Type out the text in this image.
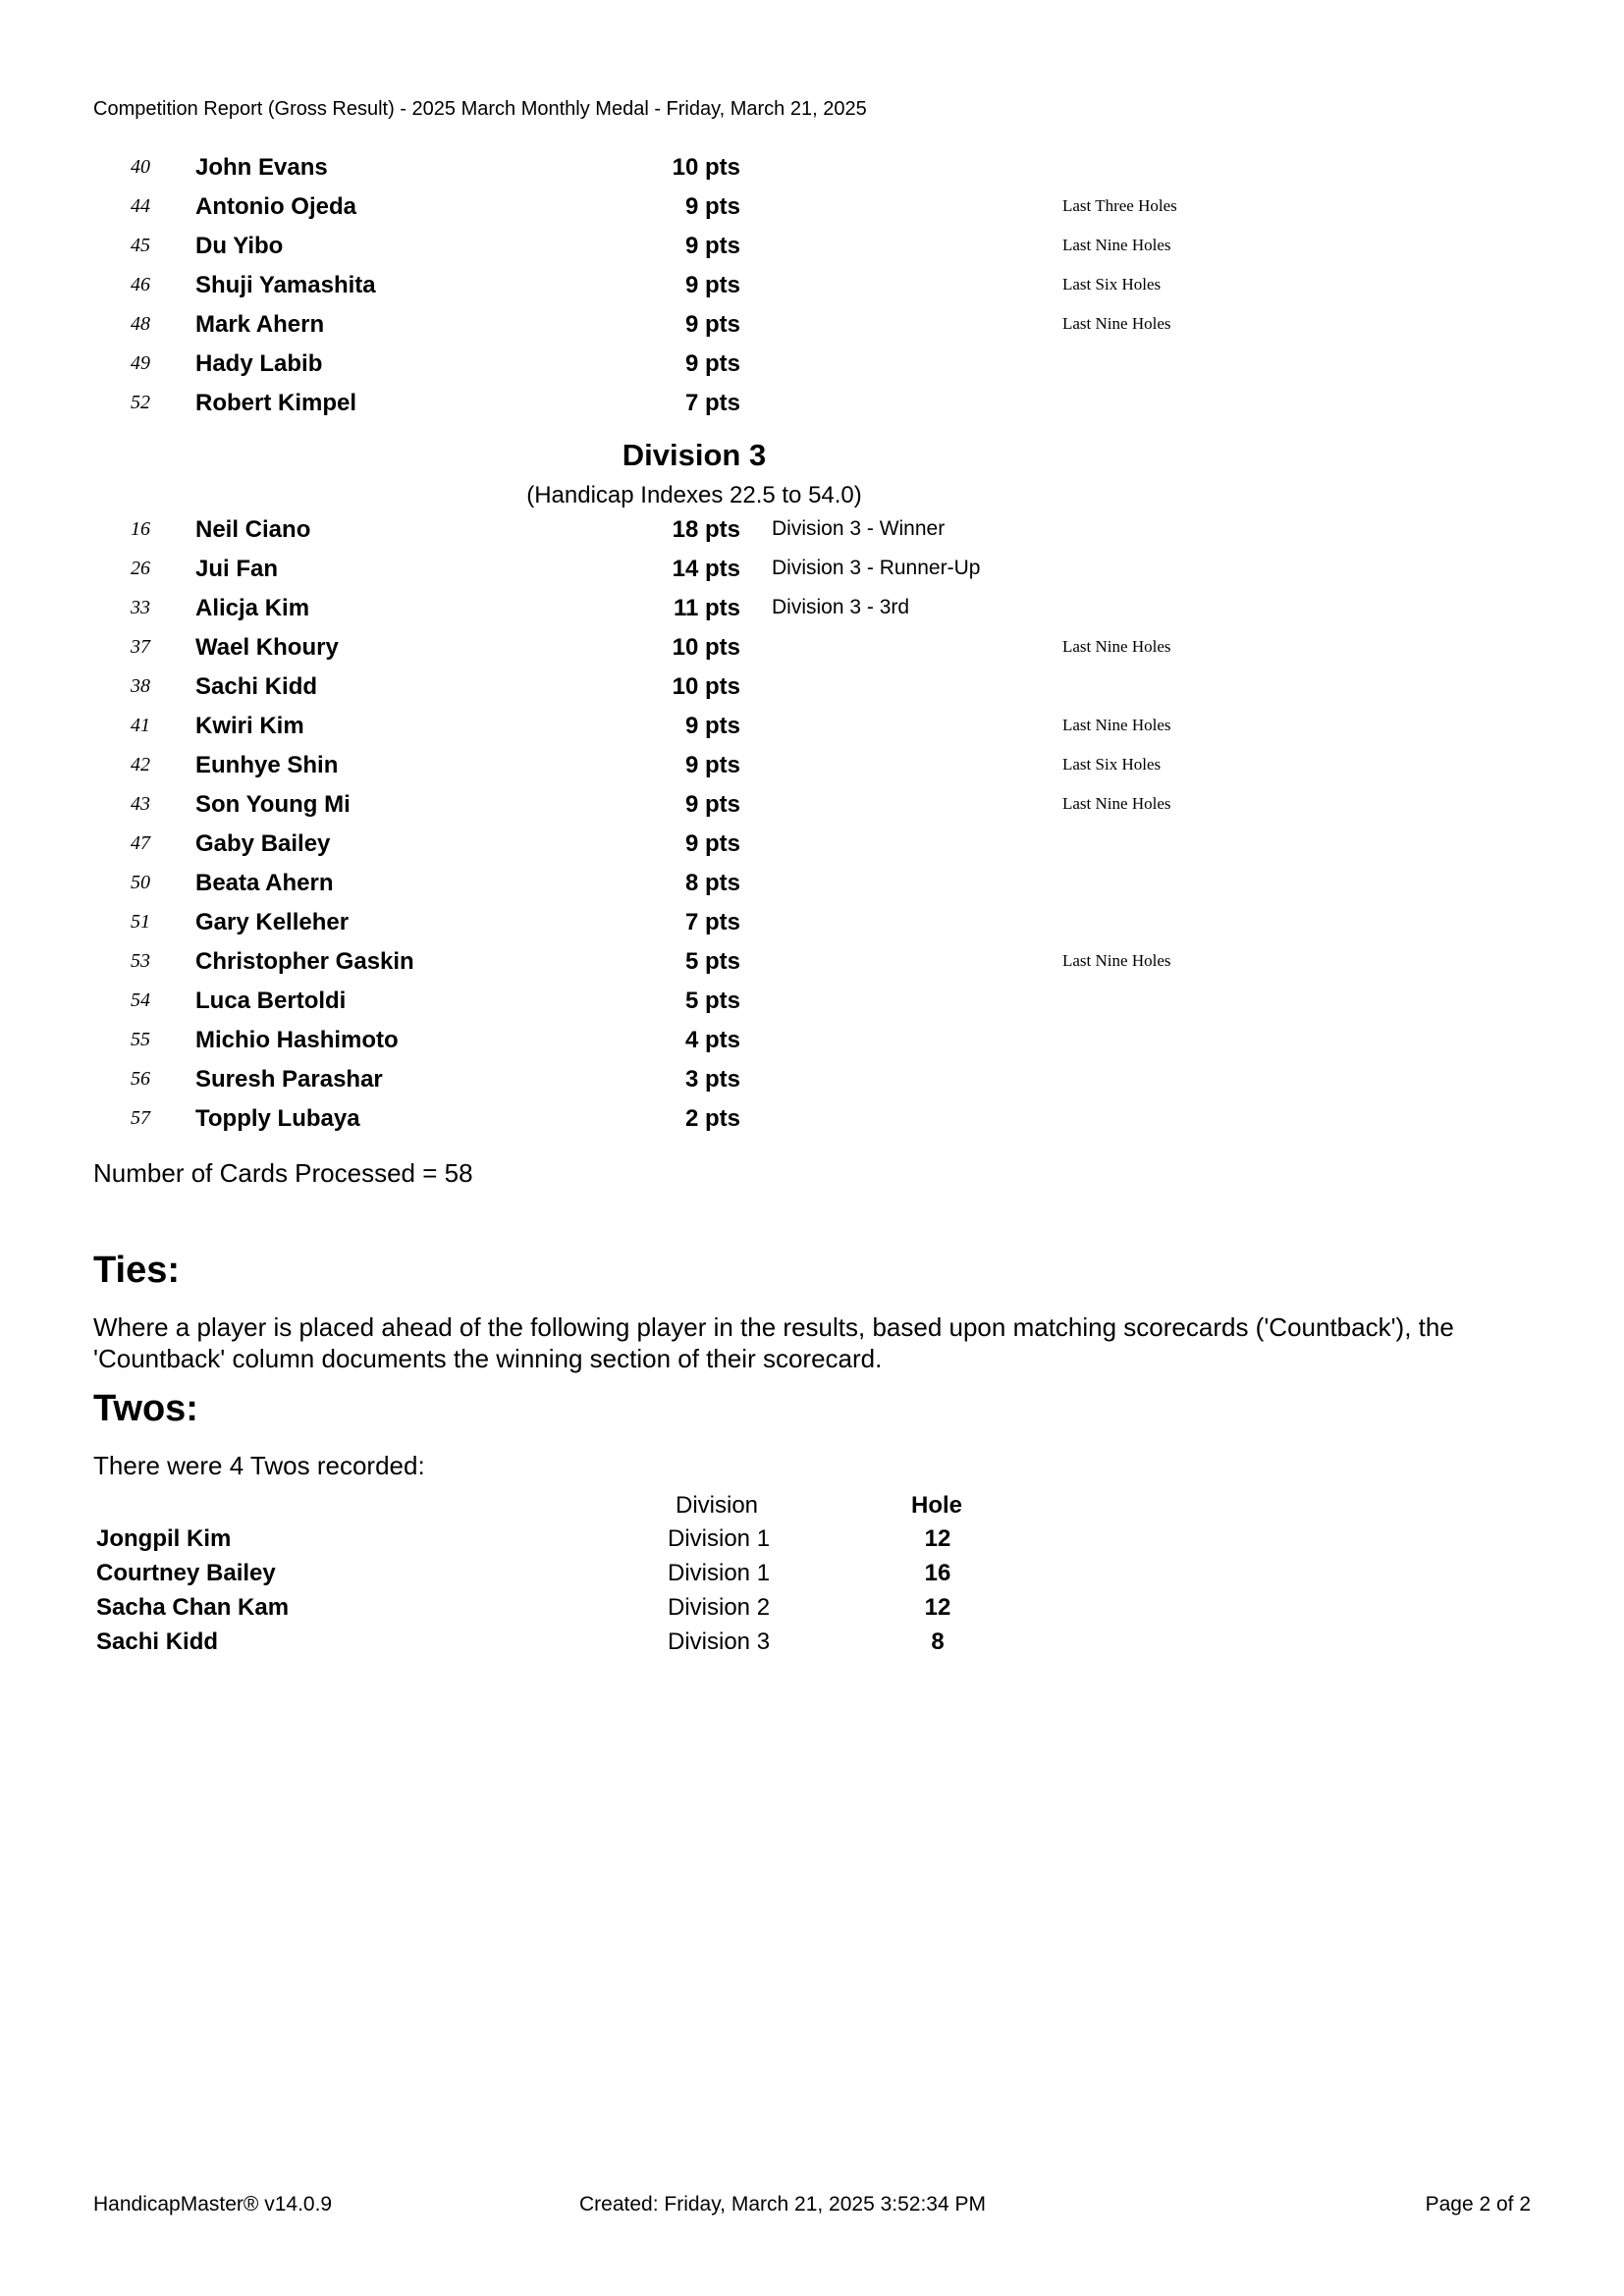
Competition Report (Gross Result) - 2025 March Monthly Medal - Friday, March 21, 2025
40 John Evans	10 pts
44 Antonio Ojeda	9 pts	Last Three Holes
45 Du Yibo	9 pts	Last Nine Holes
46 Shuji Yamashita	9 pts	Last Six Holes
48 Mark Ahern	9 pts	Last Nine Holes
49 Hady Labib	9 pts
52 Robert Kimpel	7 pts
Division 3
(Handicap Indexes 22.5 to 54.0)
16 Neil Ciano	18 pts Division 3 - Winner
26 Jui Fan	14 pts Division 3 - Runner-Up
33 Alicja Kim	11 pts Division 3 - 3rd
37 Wael Khoury	10 pts	Last Nine Holes
38 Sachi Kidd	10 pts
41 Kwiri Kim	9 pts	Last Nine Holes
42 Eunhye Shin	9 pts	Last Six Holes
43 Son Young Mi	9 pts	Last Nine Holes
47 Gaby Bailey	9 pts
50 Beata Ahern	8 pts
51 Gary Kelleher	7 pts
53 Christopher Gaskin	5 pts	Last Nine Holes
54 Luca Bertoldi	5 pts
55 Michio Hashimoto	4 pts
56 Suresh Parashar	3 pts
57 Topply Lubaya	2 pts
Number of Cards Processed = 58
Ties:
Where a player is placed ahead of the following player in the results, based upon matching scorecards ('Countback'), the 'Countback' column documents the winning section of their scorecard.
Twos:
There were 4 Twos recorded:
Division	Hole
Jongpil Kim	Division 1	12
Courtney Bailey	Division 1	16
Sacha Chan Kam	Division 2	12
Sachi Kidd	Division 3	8
HandicapMaster® v14.0.9	Created: Friday, March 21, 2025 3:52:34 PM	Page 2 of 2
